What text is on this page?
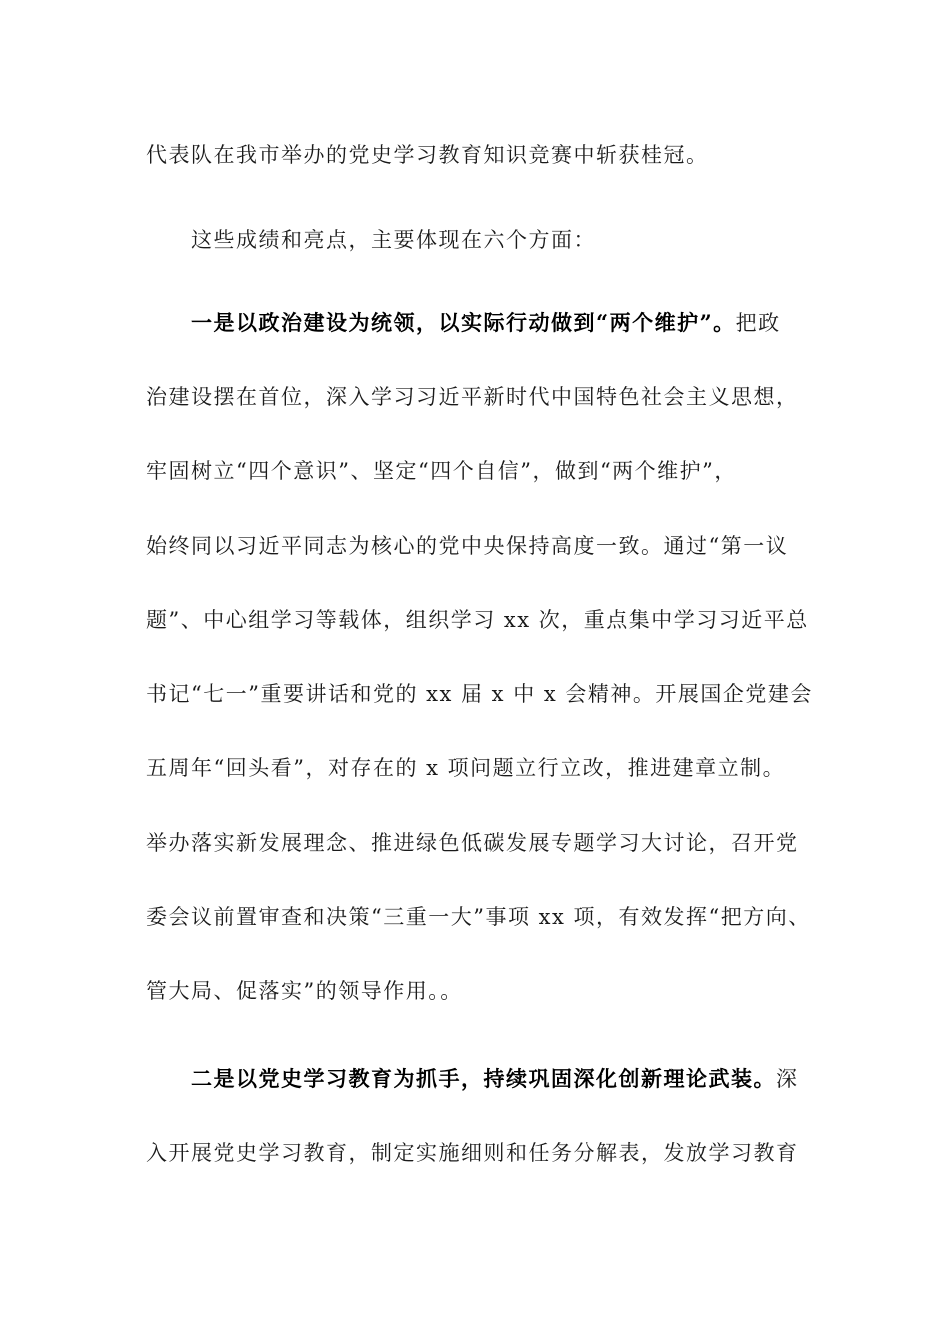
代表队在我市举办的党史学习教育知识竞赛中斩获桂冠。
这些成绩和亮点，主要体现在六个方面：
一是以政治建设为统领，以实际行动做到“两个维护”。把政
治建设摆在首位，深入学习习近平新时代中国特色社会主义思想，
牢固树立“四个意识”、坚定“四个自信”，做到“两个维护”，
始终同以习近平同志为核心的党中央保持高度一致。通过“第一议
题”、中心组学习等载体，组织学习 xx 次，重点集中学习习近平总
书记“七一”重要讲话和党的 xx 届 x 中 x 会精神。开展国企党建会
五周年“回头看”，对存在的 x 项问题立行立改，推进建章立制。
举办落实新发展理念、推进绿色低碳发展专题学习大讨论，召开党
委会议前置审查和决策“三重一大”事项 xx 项，有效发挥“把方向、
管大局、促落实”的领导作用。。
二是以党史学习教育为抓手，持续巩固深化创新理论武装。深
入开展党史学习教育，制定实施细则和任务分解表，发放学习教育
